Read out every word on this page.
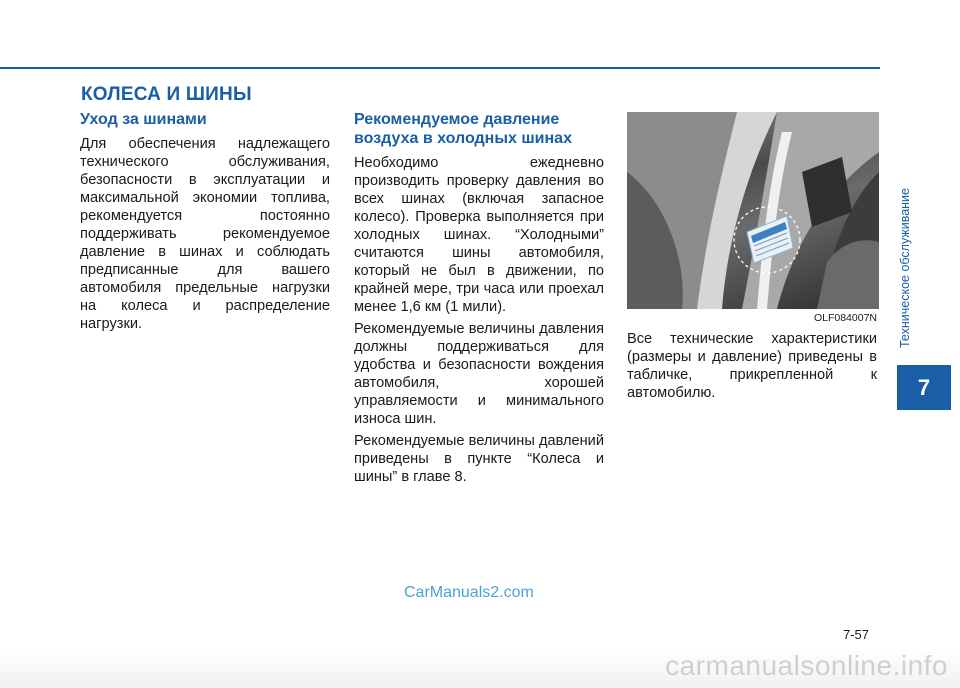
КОЛЕСА И ШИНЫ
Уход за шинами

Для обеспечения надлежащего технического обслуживания, безопасности в эксплуатации и максимальной экономии топлива, рекомендуется постоянно поддерживать рекомендуемое давление в шинах и соблюдать предписанные для вашего автомобиля предельные нагрузки на колеса и распределение нагрузки.

Рекомендуемое давление воздуха в холодных шинах

Необходимо ежедневно производить проверку давления во всех шинах (включая запасное колесо). Проверка выполняется при холодных шинах. “Холодными” считаются шины автомобиля, который не был в движении, по крайней мере, три часа или проехал менее 1,6 км (1 мили).

Рекомендуемые величины давления должны поддерживаться для удобства и безопасности вождения автомобиля, хорошей управляемости и минимального износа шин.

Рекомендуемые величины давлений приведены в пункте “Колеса и шины” в главе 8.

OLF084007N

Все технические характеристики (размеры и давление) приведены в табличке, прикрепленной к автомобилю.

Техническое обслуживание
7
CarManuals2.com
7-57
carmanualsonline.info
